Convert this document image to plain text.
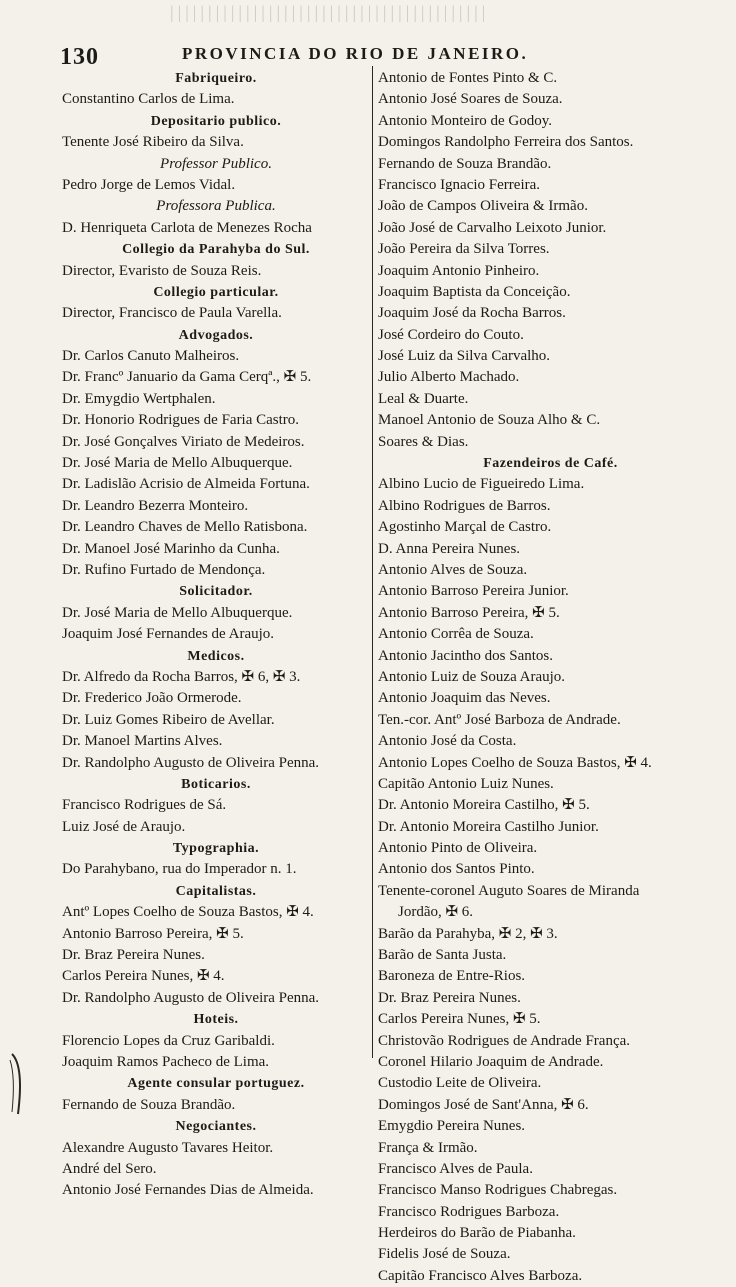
||||||||||||||||||||||||||||||||||||||||||
130	PROVINCIA DO RIO DE JANEIRO.
Fabriqueiro.
Constantino Carlos de Lima.
Depositario publico.
Tenente José Ribeiro da Silva.
Professor Publico.
Pedro Jorge de Lemos Vidal.
Professora Publica.
D. Henriqueta Carlota de Menezes Rocha
Collegio da Parahyba do Sul.
Director, Evaristo de Souza Reis.
Collegio particular.
Director, Francisco de Paula Varella.
Advogados.
Dr. Carlos Canuto Malheiros.
Dr. Francº Januario da Gama Cerqª., ✠ 5.
Dr. Emygdio Wertphalen.
Dr. Honorio Rodrigues de Faria Castro.
Dr. José Gonçalves Viriato de Medeiros.
Dr. José Maria de Mello Albuquerque.
Dr. Ladislão Acrisio de Almeida Fortuna.
Dr. Leandro Bezerra Monteiro.
Dr. Leandro Chaves de Mello Ratisbona.
Dr. Manoel José Marinho da Cunha.
Dr. Rufino Furtado de Mendonça.
Solicitador.
Dr. José Maria de Mello Albuquerque.
Joaquim José Fernandes de Araujo.
Medicos.
Dr. Alfredo da Rocha Barros, ✠ 6, ✠ 3.
Dr. Frederico João Ormerode.
Dr. Luiz Gomes Ribeiro de Avellar.
Dr. Manoel Martins Alves.
Dr. Randolpho Augusto de Oliveira Penna.
Boticarios.
Francisco Rodrigues de Sá.
Luiz José de Araujo.
Typographia.
Do Parahybano, rua do Imperador n. 1.
Capitalistas.
Antº Lopes Coelho de Souza Bastos, ✠ 4.
Antonio Barroso Pereira, ✠ 5.
Dr. Braz Pereira Nunes.
Carlos Pereira Nunes, ✠ 4.
Dr. Randolpho Augusto de Oliveira Penna.
Hoteis.
Florencio Lopes da Cruz Garibaldi.
Joaquim Ramos Pacheco de Lima.
Agente consular portuguez.
Fernando de Souza Brandão.
Negociantes.
Alexandre Augusto Tavares Heitor.
André del Sero.
Antonio José Fernandes Dias de Almeida.
Antonio de Fontes Pinto & C.
Antonio José Soares de Souza.
Antonio Monteiro de Godoy.
Domingos Randolpho Ferreira dos Santos.
Fernando de Souza Brandão.
Francisco Ignacio Ferreira.
João de Campos Oliveira & Irmão.
João José de Carvalho Leixoto Junior.
João Pereira da Silva Torres.
Joaquim Antonio Pinheiro.
Joaquim Baptista da Conceição.
Joaquim José da Rocha Barros.
José Cordeiro do Couto.
José Luiz da Silva Carvalho.
Julio Alberto Machado.
Leal & Duarte.
Manoel Antonio de Souza Alho & C.
Soares & Dias.
Fazendeiros de Café.
Albino Lucio de Figueiredo Lima.
Albino Rodrigues de Barros.
Agostinho Marçal de Castro.
D. Anna Pereira Nunes.
Antonio Alves de Souza.
Antonio Barroso Pereira Junior.
Antonio Barroso Pereira, ✠ 5.
Antonio Corrêa de Souza.
Antonio Jacintho dos Santos.
Antonio Luiz de Souza Araujo.
Antonio Joaquim das Neves.
Ten.-cor. Antº José Barboza de Andrade.
Antonio José da Costa.
Antonio Lopes Coelho de Souza Bastos, ✠ 4.
Capitão Antonio Luiz Nunes.
Dr. Antonio Moreira Castilho, ✠ 5.
Dr. Antonio Moreira Castilho Junior.
Antonio Pinto de Oliveira.
Antonio dos Santos Pinto.
Tenente-coronel Auguto Soares de Miranda
Jordão, ✠ 6.
Barão da Parahyba, ✠ 2, ✠ 3.
Barão de Santa Justa.
Baroneza de Entre-Rios.
Dr. Braz Pereira Nunes.
Carlos Pereira Nunes, ✠ 5.
Christovão Rodrigues de Andrade França.
Coronel Hilario Joaquim de Andrade.
Custodio Leite de Oliveira.
Domingos José de Sant'Anna, ✠ 6.
Emygdio Pereira Nunes.
França & Irmão.
Francisco Alves de Paula.
Francisco Manso Rodrigues Chabregas.
Francisco Rodrigues Barboza.
Herdeiros do Barão de Piabanha.
Fidelis José de Souza.
Capitão Francisco Alves Barboza.
